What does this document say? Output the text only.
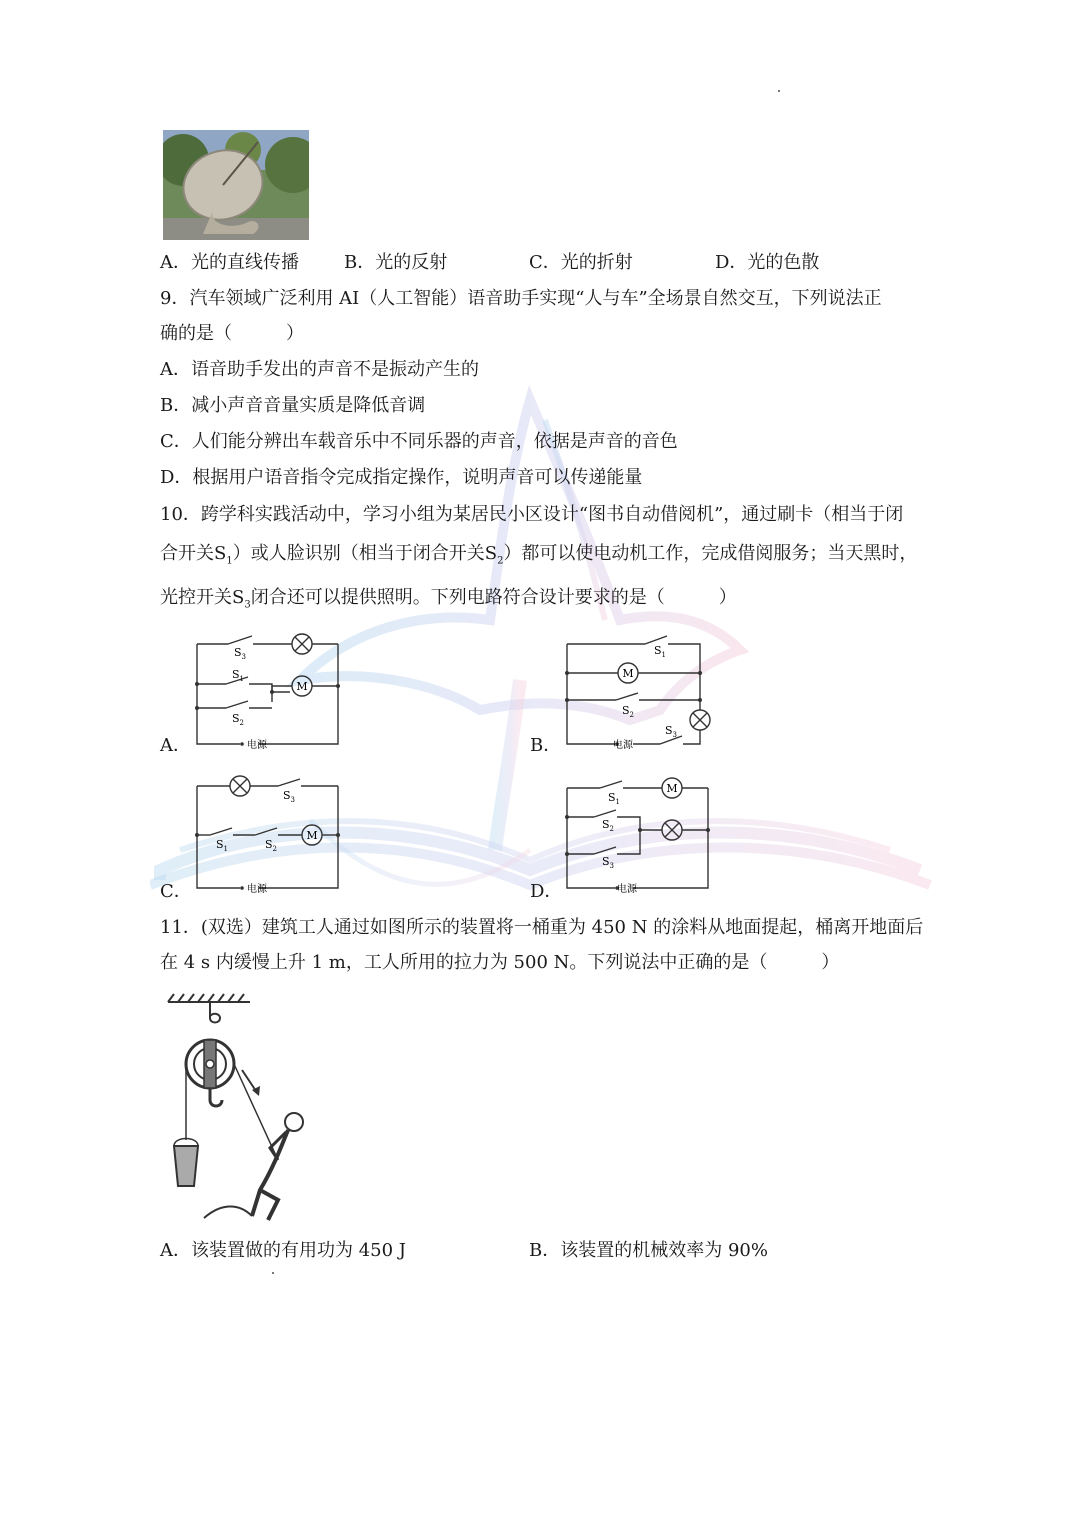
A．光的直线传播	B．光的反射	C．光的折射	D．光的色散
9．汽车领域广泛利用 AI（人工智能）语音助手实现“人与车”全场景自然交互，下列说法正
确的是（　　　）
A．语音助手发出的声音不是振动产生的
B．减小声音音量实质是降低音调
C．人们能分辨出车载音乐中不同乐器的声音，依据是声音的音色
D．根据用户语音指令完成指定操作，说明声音可以传递能量
10．跨学科实践活动中，学习小组为某居民小区设计“图书自动借阅机”，通过刷卡（相当于闭
合开关$S_1$）或人脸识别（相当于闭合开关$S_2$）都可以使电动机工作，完成借阅服务；当天黑时，
光控开关$S_3$闭合还可以提供照明。下列电路符合设计要求的是（　　　）
M
$S_3$
$S_1$
$S_2$
电源
A．
M
$S_1$
$S_2$
$S_3$
电源
B．
M
$S_3$
$S_1$	$S_2$
电源
C．
M
$S_1$
$S_2$
$S_3$
电源
D．
11．(双选）建筑工人通过如图所示的装置将一桶重为 450 N 的涂料从地面提起，桶离开地面后
在 4 s 内缓慢上升 1 m，工人所用的拉力为 500 N。下列说法中正确的是（　　　）
A．该装置做的有用功为 450 J	B．该装置的机械效率为 90%
